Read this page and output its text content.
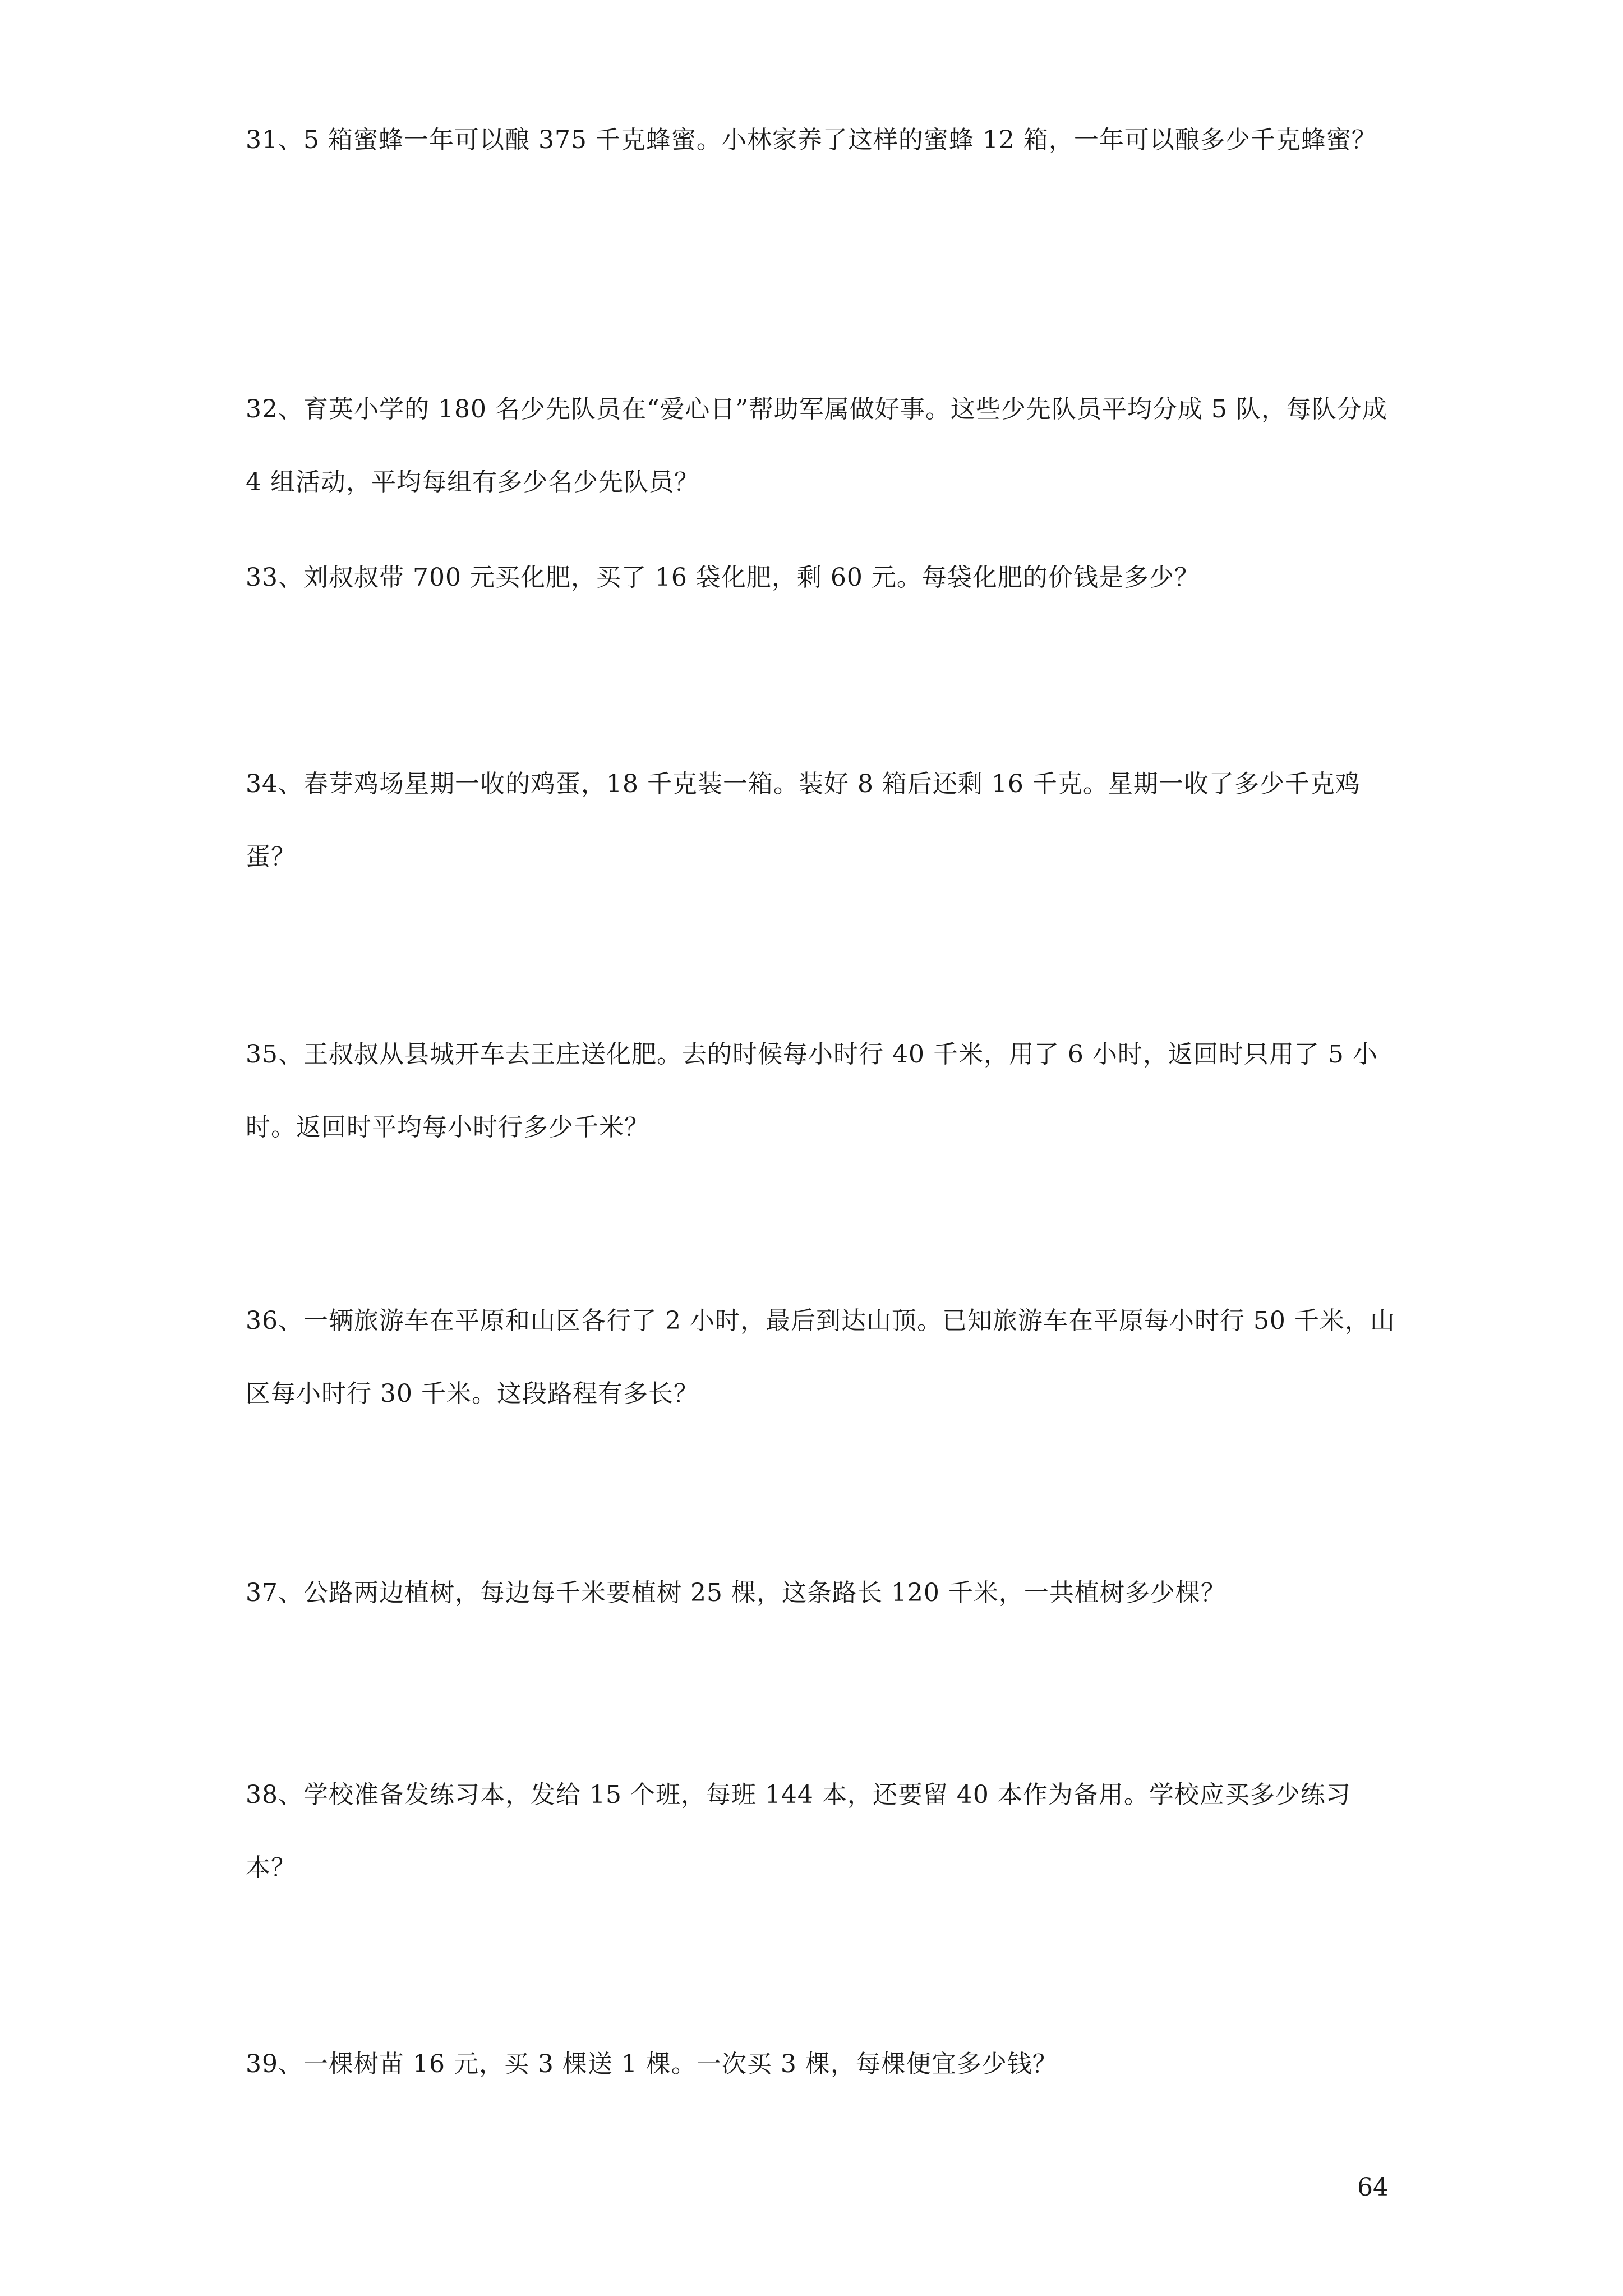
31、5 箱蜜蜂一年可以酿 375 千克蜂蜜。小林家养了这样的蜜蜂 12 箱，一年可以酿多少千克蜂蜜？

32、育英小学的 180 名少先队员在“爱心日”帮助军属做好事。这些少先队员平均分成 5 队，每队分成 4 组活动，平均每组有多少名少先队员？

33、刘叔叔带 700 元买化肥，买了 16 袋化肥，剩 60 元。每袋化肥的价钱是多少？

34、春芽鸡场星期一收的鸡蛋，18 千克装一箱。装好 8 箱后还剩 16 千克。星期一收了多少千克鸡蛋？

35、王叔叔从县城开车去王庄送化肥。去的时候每小时行 40 千米，用了 6 小时，返回时只用了 5 小时。返回时平均每小时行多少千米？

36、一辆旅游车在平原和山区各行了 2 小时，最后到达山顶。已知旅游车在平原每小时行 50 千米，山区每小时行 30 千米。这段路程有多长？

37、公路两边植树，每边每千米要植树 25 棵，这条路长 120 千米，一共植树多少棵？

38、学校准备发练习本，发给 15 个班，每班 144 本，还要留 40 本作为备用。学校应买多少练习本？

39、一棵树苗 16 元，买 3 棵送 1 棵。一次买 3 棵，每棵便宜多少钱？

64
